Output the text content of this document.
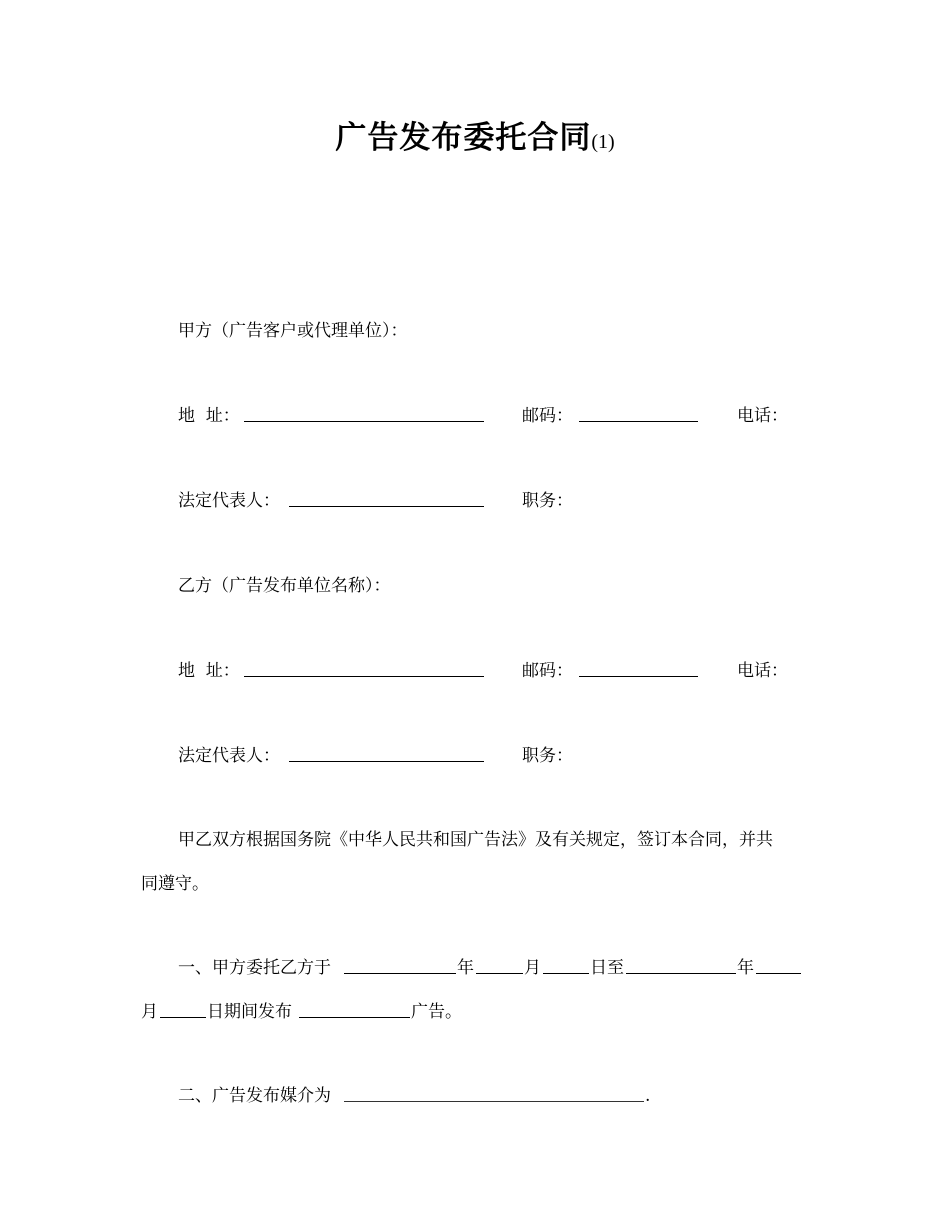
广告发布委托合同(1)
甲方（广告客户或代理单位）：
地  址：	邮码：	电话：
法定代表人：	职务：
乙方（广告发布单位名称）：
地  址：	邮码：	电话：
法定代表人：	职务：
甲乙双方根据国务院《中华人民共和国广告法》及有关规定，签订本合同，并共
同遵守。
一、甲方委托乙方于	年	月	日至	年
月	日期间发布	广告。
二、广告发布媒介为	.
